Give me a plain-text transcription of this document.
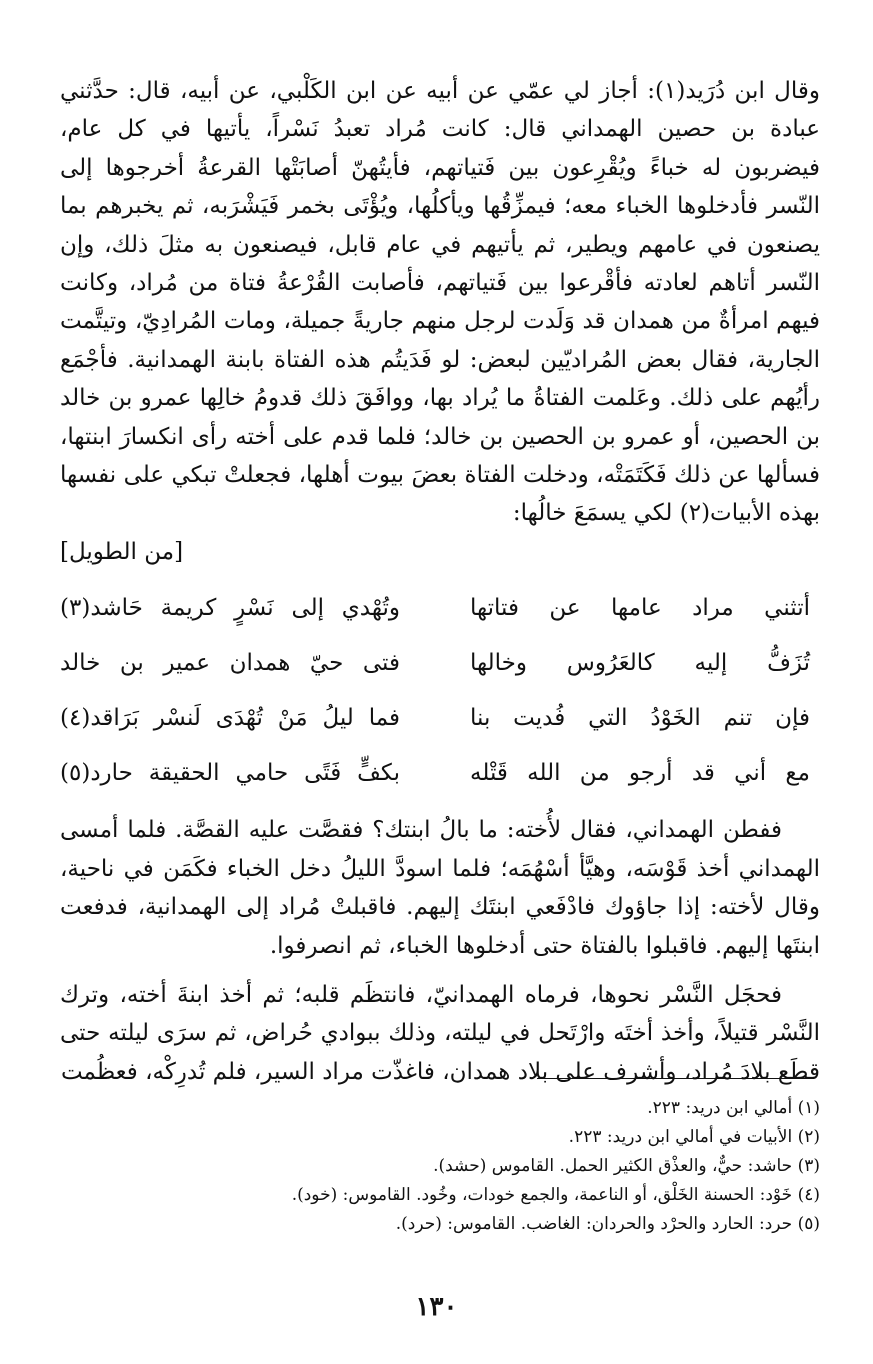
وقال ابن دُرَيد(١): أجاز لي عمّي عن أبيه عن ابن الكَلْبي، عن أبيه، قال: حدَّثني عبادة بن حصين الهمداني قال: كانت مُراد تعبدُ نَسْراً، يأتيها في كل عام، فيضربون له خباءً ويُقْرِعون بين فَتياتهم، فأيتُهنّ أصابَتْها القرعةُ أخرجوها إلى النّسر فأدخلوها الخباء معه؛ فيمزِّقُها ويأكلُها، ويُؤْتَى بخمر فَيَشْرَبه، ثم يخبرهم بما يصنعون في عامهم ويطير، ثم يأتيهم في عام قابل، فيصنعون به مثلَ ذلك، وإن النّسر أتاهم لعادته فأقْرعوا بين فَتياتهم، فأصابت القُرْعةُ فتاة من مُراد، وكانت فيهم امرأةٌ من همدان قد وَلَدت لرجل منهم جاريةً جميلة، ومات المُرادِيّ، وتيتَّمت الجارية، فقال بعض المُراديّين لبعض: لو فَدَيتُم هذه الفتاة بابنة الهمدانية. فأجْمَع رأيُهم على ذلك. وعَلمت الفتاةُ ما يُراد بها، ووافَقَ ذلك قدومُ خالِها عمرو بن خالد بن الحصين، أو عمرو بن الحصين بن خالد؛ فلما قدم على أخته رأى انكسارَ ابنتها، فسألها عن ذلك فَكَتَمَتْه، ودخلت الفتاة بعضَ بيوت أهلها، فجعلتْ تبكي على نفسها بهذه الأبيات(٢) لكي يسمَعَ خالُها:

[من الطويل]

أتثني مراد عامها عن فتاتها
وتُهْدي إلى نَسْرٍ كريمة حَاشد(٣)
تُزَفُّ إليه كالعَرُوس وخالها
فتى حيّ همدان عمير بن خالد
فإن تنم الخَوْدُ التي فُديت بنا
فما ليلُ مَنْ تُهْدَى لَنسْر بَرَاقد(٤)
مع أني قد أرجو من الله قَتْله
بكفٍّ فَتًى حامي الحقيقة حارد(٥)

ففطن الهمداني، فقال لأُخته: ما بالُ ابنتك؟ فقصَّت عليه القصَّة. فلما أمسى الهمداني أخذ قَوْسَه، وهيَّأ أسْهُمَه؛ فلما اسودَّ الليلُ دخل الخباء فكَمَن في ناحية، وقال لأخته: إذا جاؤوك فادْفَعي ابنتَك إليهم. فاقبلتْ مُراد إلى الهمدانية، فدفعت ابنتَها إليهم. فاقبلوا بالفتاة حتى أدخلوها الخباء، ثم انصرفوا.

فحجَل النَّسْر نحوها، فرماه الهمدانيّ، فانتظَم قلبه؛ ثم أخذ ابنةَ أخته، وترك النَّسْر قتيلاً، وأخذ أختَه وارْتَحل في ليلته، وذلك ببوادي حُراض، ثم سرَى ليلته حتى قطَع بلادَ مُراد، وأشرف على بلاد همدان، فاغذّت مراد السير، فلم تُدرِكْه، فعظُمت

(١) أمالي ابن دريد: ٢٢٣.

(٢) الأبيات في أمالي ابن دريد: ٢٢٣.

(٣) حاشد: حيٌّ، والعذْق الكثير الحمل. القاموس (حشد).

(٤) خَوْد: الحسنة الخَلْق، أو الناعمة، والجمع خودات، وخُود. القاموس: (خود).

(٥) حرد: الحارد والحرْد والحردان: الغاضب. القاموس: (حرد).

١٣٠
